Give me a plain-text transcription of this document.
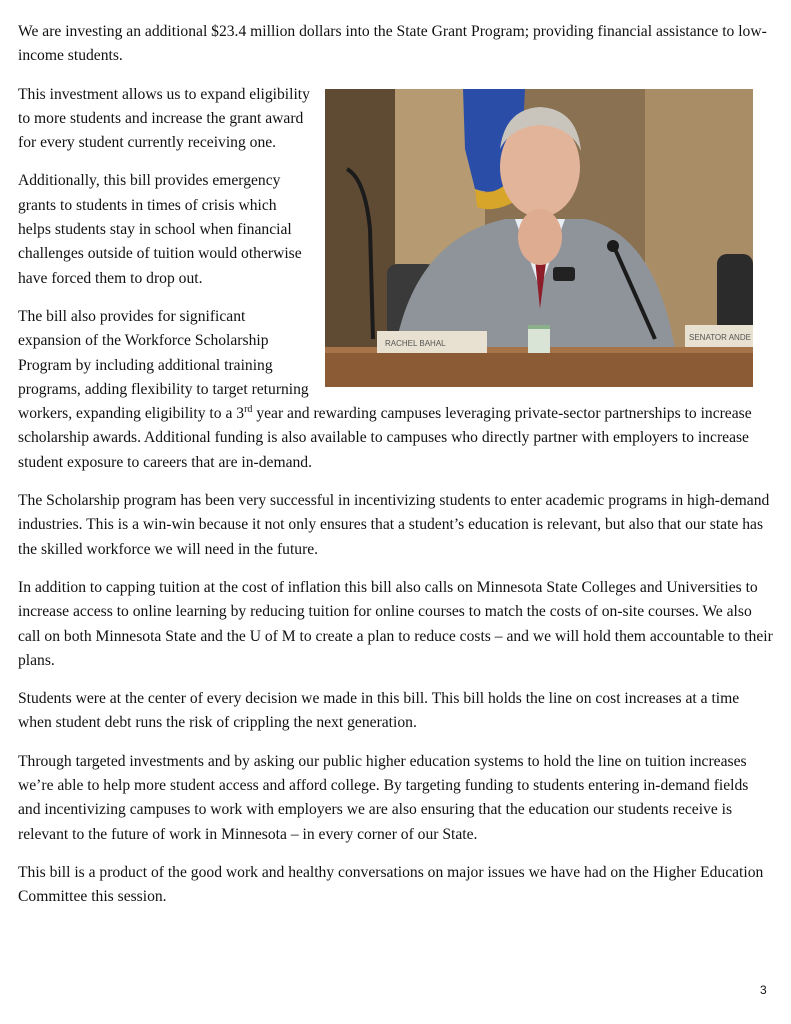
We are investing an additional $23.4 million dollars into the State Grant Program; providing financial assistance to low-income students.

RACHEL BAHAL
SENATOR ANDE

This investment allows us to expand eligibility to more students and increase the grant award for every student currently receiving one.

Additionally, this bill provides emergency grants to students in times of crisis which helps students stay in school when financial challenges outside of tuition would otherwise have forced them to drop out.

The bill also provides for significant expansion of the Workforce Scholarship Program by including additional training programs, adding flexibility to target returning workers, expanding eligibility to a 3rd year and rewarding campuses leveraging private-sector partnerships to increase scholarship awards. Additional funding is also available to campuses who directly partner with employers to increase student exposure to careers that are in-demand.

The Scholarship program has been very successful in incentivizing students to enter academic programs in high-demand industries. This is a win-win because it not only ensures that a student’s education is relevant, but also that our state has the skilled workforce we will need in the future.

In addition to capping tuition at the cost of inflation this bill also calls on Minnesota State Colleges and Universities to increase access to online learning by reducing tuition for online courses to match the costs of on-site courses. We also call on both Minnesota State and the U of M to create a plan to reduce costs – and we will hold them accountable to their plans.

Students were at the center of every decision we made in this bill. This bill holds the line on cost increases at a time when student debt runs the risk of crippling the next generation.

Through targeted investments and by asking our public higher education systems to hold the line on tuition increases we’re able to help more student access and afford college. By targeting funding to students entering in-demand fields and incentivizing campuses to work with employers we are also ensuring that the education our students receive is relevant to the future of work in Minnesota – in every corner of our State.

This bill is a product of the good work and healthy conversations on major issues we have had on the Higher Education Committee this session.

3
